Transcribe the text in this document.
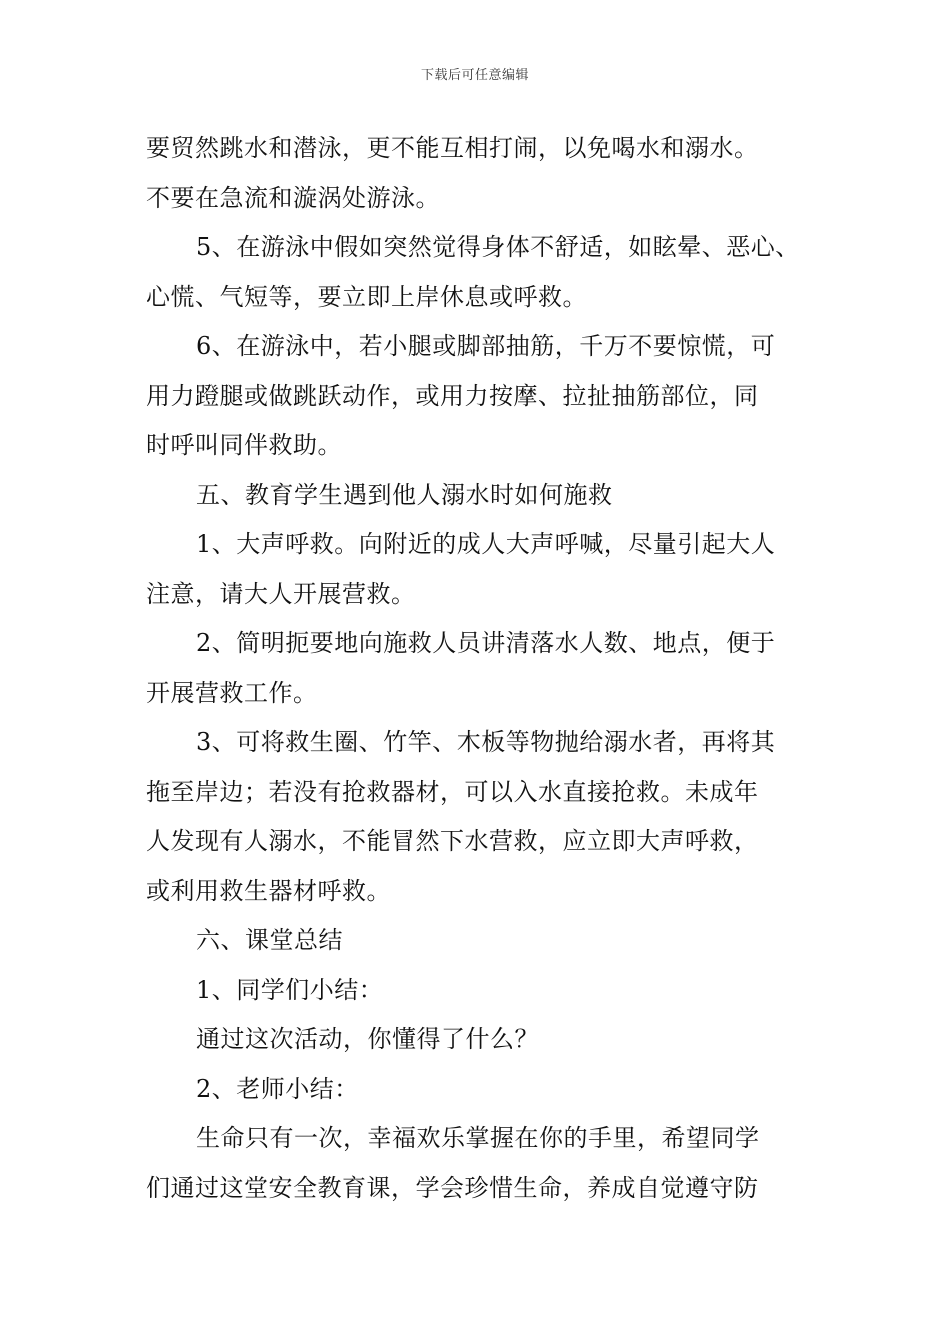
下载后可任意编辑
要贸然跳水和潜泳，更不能互相打闹，以免喝水和溺水。
不要在急流和漩涡处游泳。
5、在游泳中假如突然觉得身体不舒适，如眩晕、恶心、
心慌、气短等，要立即上岸休息或呼救。
6、在游泳中，若小腿或脚部抽筋，千万不要惊慌，可
用力蹬腿或做跳跃动作，或用力按摩、拉扯抽筋部位，同
时呼叫同伴救助。
五、教育学生遇到他人溺水时如何施救
1、大声呼救。向附近的成人大声呼喊，尽量引起大人
注意，请大人开展营救。
2、简明扼要地向施救人员讲清落水人数、地点，便于
开展营救工作。
3、可将救生圈、竹竿、木板等物抛给溺水者，再将其
拖至岸边；若没有抢救器材，可以入水直接抢救。未成年
人发现有人溺水，不能冒然下水营救，应立即大声呼救，
或利用救生器材呼救。
六、课堂总结
1、同学们小结：
通过这次活动，你懂得了什么？
2、老师小结：
生命只有一次，幸福欢乐掌握在你的手里，希望同学
们通过这堂安全教育课，学会珍惜生命，养成自觉遵守防
